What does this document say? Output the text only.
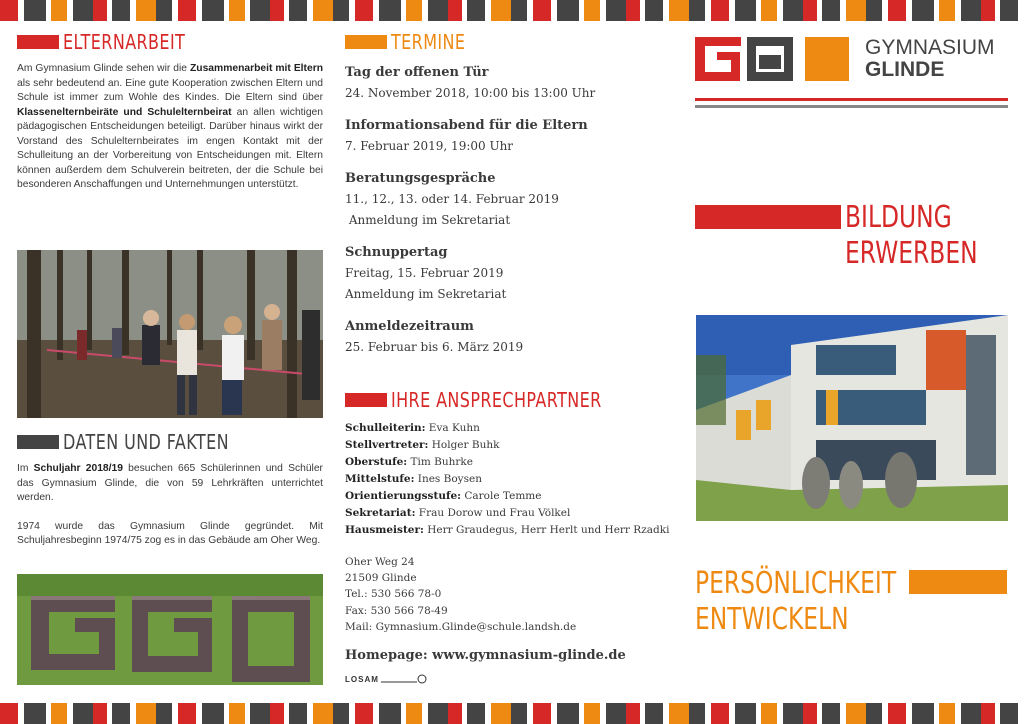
ELTERNARBEIT

Am Gymnasium Glinde sehen wir die Zusammenarbeit mit Eltern als sehr bedeutend an. Eine gute Kooperation zwischen Eltern und Schule ist immer zum Wohle des Kindes. Die Eltern sind über Klassenelternbeiräte und Schulelternbeirat an allen wichtigen pädagogischen Entscheidungen beteiligt. Darüber hinaus wirkt der Vorstand des Schulelternbeirates im engen Kontakt mit der Schulleitung an der Vorbereitung von Entscheidungen mit. Eltern können außerdem dem Schulverein beitreten, der die Schule bei besonderen Anschaffungen und Unternehmungen unterstützt.

DATEN UND FAKTEN

Im Schuljahr 2018/19 besuchen 665 Schülerinnen und Schüler das Gymnasium Glinde, die von 59 Lehrkräften unterrichtet werden.

1974 wurde das Gymnasium Glinde gegründet. Mit Schuljahresbeginn 1974/75 zog es in das Gebäude am Oher Weg.

TERMINE
Tag der offenen Tür
24. November 2018, 10:00 bis 13:00 Uhr
Informationsabend für die Eltern
7. Februar 2019, 19:00 Uhr
Beratungsgespräche
11., 12., 13. oder 14. Februar 2019
Anmeldung im Sekretariat
Schnuppertag
Freitag, 15. Februar 2019
Anmeldung im Sekretariat
Anmeldezeitraum
25. Februar bis 6. März 2019
IHRE ANSPRECHPARTNER
Schulleiterin: Eva Kuhn
Stellvertreter: Holger Buhk
Oberstufe: Tim Buhrke
Mittelstufe: Ines Boysen
Orientierungsstufe: Carole Temme
Sekretariat: Frau Dorow und Frau Völkel
Hausmeister: Herr Graudegus, Herr Herlt und Herr Rzadki
Oher Weg 24
21509 Glinde
Tel.: 530 566 78-0
Fax: 530 566 78-49
Mail: Gymnasium.Glinde@schule.landsh.de
Homepage: www.gymnasium-glinde.de
LOSAM
GYMNASIUM
GLINDE
BILDUNG
ERWERBEN
PERSÖNLICHKEIT
ENTWICKELN
